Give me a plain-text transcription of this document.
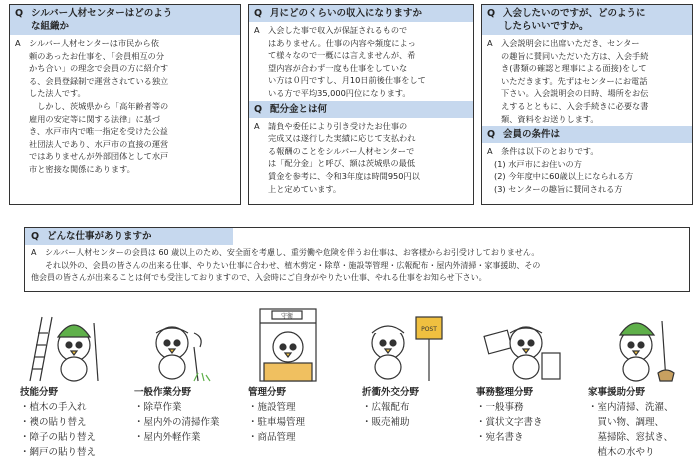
Q シルバー人材センターはどのよう
な組織か
A	シルバー人材センターは市民から依
頼のあったお仕事を、「会員相互の分
かち合い」の理念で会員の方に紹介す
る、会員登録制で運営されている独立
した法人です。
しかし、茨城県から「高年齢者等の
雇用の安定等に関する法律」に基づ
き、水戸市内で唯一指定を受けた公益
社団法人であり、水戸市の直接の運営
ではありませんが外部団体として水戸
市と密接な関係にあります。
Q 月にどのくらいの収入になりますか
A	入会した事で収入が保証されるもので
はありません。仕事の内容や頻度によっ
て様々なので一概には言えませんが、希
望内容が合わず一度も仕事をしていな
い方は０円ですし、月10日前後仕事をして
いる方で平均35,000円位になります。
Q 配分金とは何
A	請負や委任により引き受けたお仕事の
完成又は遂行した実績に応じて支払われ
る報酬のことをシルバー人材センターで
は「配分金」と呼び、額は茨城県の最低
賃金を参考に、令和3年度は時間950円以
上と定めています。
Q 入会したいのですが、どのように
したらいいですか。
A	入会説明会に出席いただき、センター
の趣旨に賛同いただいた方は、入会手続
き(書類の確認と理事による面接)をして
いただきます。先ずはセンターにお電話
下さい。入会説明会の日時、場所をお伝
えするとともに、入会手続きに必要な書
類、資料をお送りします。
Q 会員の条件は
A	条件は以下のとおりです。
(1) 水戸市にお住いの方
(2) 今年度中に60歳以上になられる方
(3) センターの趣旨に賛同される方
Q どんな仕事がありますか
A	シルバー人材センターの会員は 60 歳以上のため、安全面を考慮し、重労働や危険を伴うお仕事は、お客様からお引受けしておりません。
それ以外の、会員の皆さんの出来る仕事、やりたい仕事に合わせ、植木剪定・除草・施設等管理・広報配布・屋内外清掃・家事援助、その
他会員の皆さんが出来ることは何でも受注しておりますので、入会時にご自身がやりたい仕事、やれる仕事をお知らせ下さい。
守衛
POST
技能分野
・植木の手入れ
・襖の貼り替え
・障子の貼り替え
・網戸の貼り替え
一般作業分野
・除草作業
・屋内外の清掃作業
・屋内外軽作業
管理分野
・施設管理
・駐車場管理
・商品管理
折衝外交分野
・広報配布
・販売補助
事務整理分野
・一般事務
・賞状文字書き
・宛名書き
家事援助分野
・室内清掃、洗濯、
　買い物、調理、
　墓掃除、窓拭き、
　植木の水やり
